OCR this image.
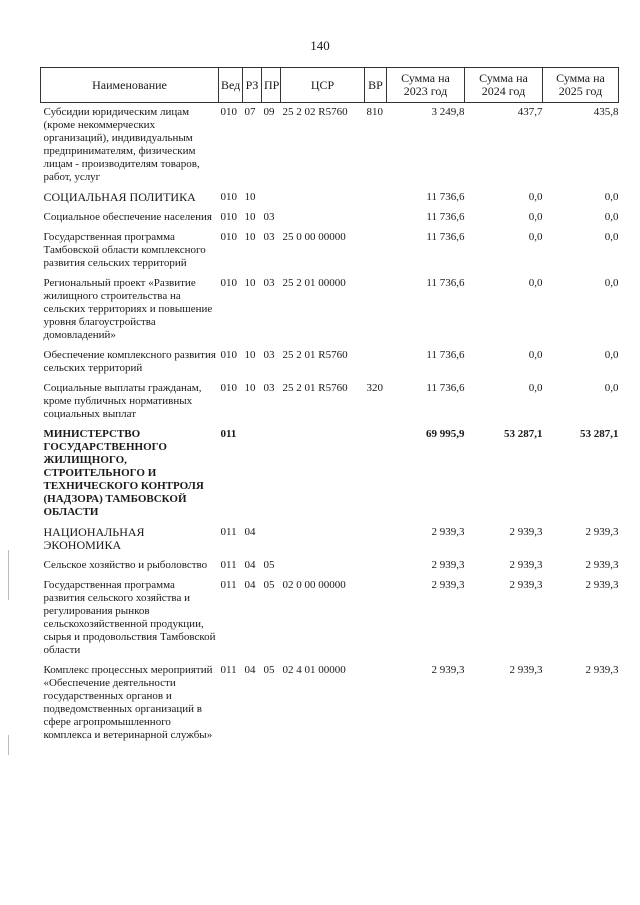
140
Наименование	Вед	РЗ	ПР	ЦСР	ВР	Сумма на 2023 год	Сумма на 2024 год	Сумма на 2025 год
Субсидии юридическим лицам (кроме некоммерческих организаций), индивидуальным предпринимателям, физическим лицам - производителям товаров, работ, услуг	010	07	09	25 2 02 R5760	810	3 249,8	437,7	435,8
СОЦИАЛЬНАЯ ПОЛИТИКА	010	10				11 736,6	0,0	0,0
Социальное обеспечение населения	010	10	03			11 736,6	0,0	0,0
Государственная программа Тамбовской области комплексного развития сельских территорий	010	10	03	25 0 00 00000		11 736,6	0,0	0,0
Региональный проект «Развитие жилищного строительства на сельских территориях и повышение уровня благоустройства домовладений»	010	10	03	25 2 01 00000		11 736,6	0,0	0,0
Обеспечение комплексного развития сельских территорий	010	10	03	25 2 01 R5760		11 736,6	0,0	0,0
Социальные выплаты гражданам, кроме публичных нормативных социальных выплат	010	10	03	25 2 01 R5760	320	11 736,6	0,0	0,0
МИНИСТЕРСТВО ГОСУДАРСТВЕННОГО ЖИЛИЩНОГО, СТРОИТЕЛЬНОГО И ТЕХНИЧЕСКОГО КОНТРОЛЯ (НАДЗОРА) ТАМБОВСКОЙ ОБЛАСТИ	011					69 995,9	53 287,1	53 287,1
НАЦИОНАЛЬНАЯ ЭКОНОМИКА	011	04				2 939,3	2 939,3	2 939,3
Сельское хозяйство и рыболовство	011	04	05			2 939,3	2 939,3	2 939,3
Государственная программа развития сельского хозяйства и регулирования рынков сельскохозяйственной продукции, сырья и продовольствия Тамбовской области	011	04	05	02 0 00 00000		2 939,3	2 939,3	2 939,3
Комплекс процессных мероприятий «Обеспечение деятельности государственных органов и подведомственных организаций в сфере агропромышленного комплекса и ветеринарной службы»	011	04	05	02 4 01 00000		2 939,3	2 939,3	2 939,3
